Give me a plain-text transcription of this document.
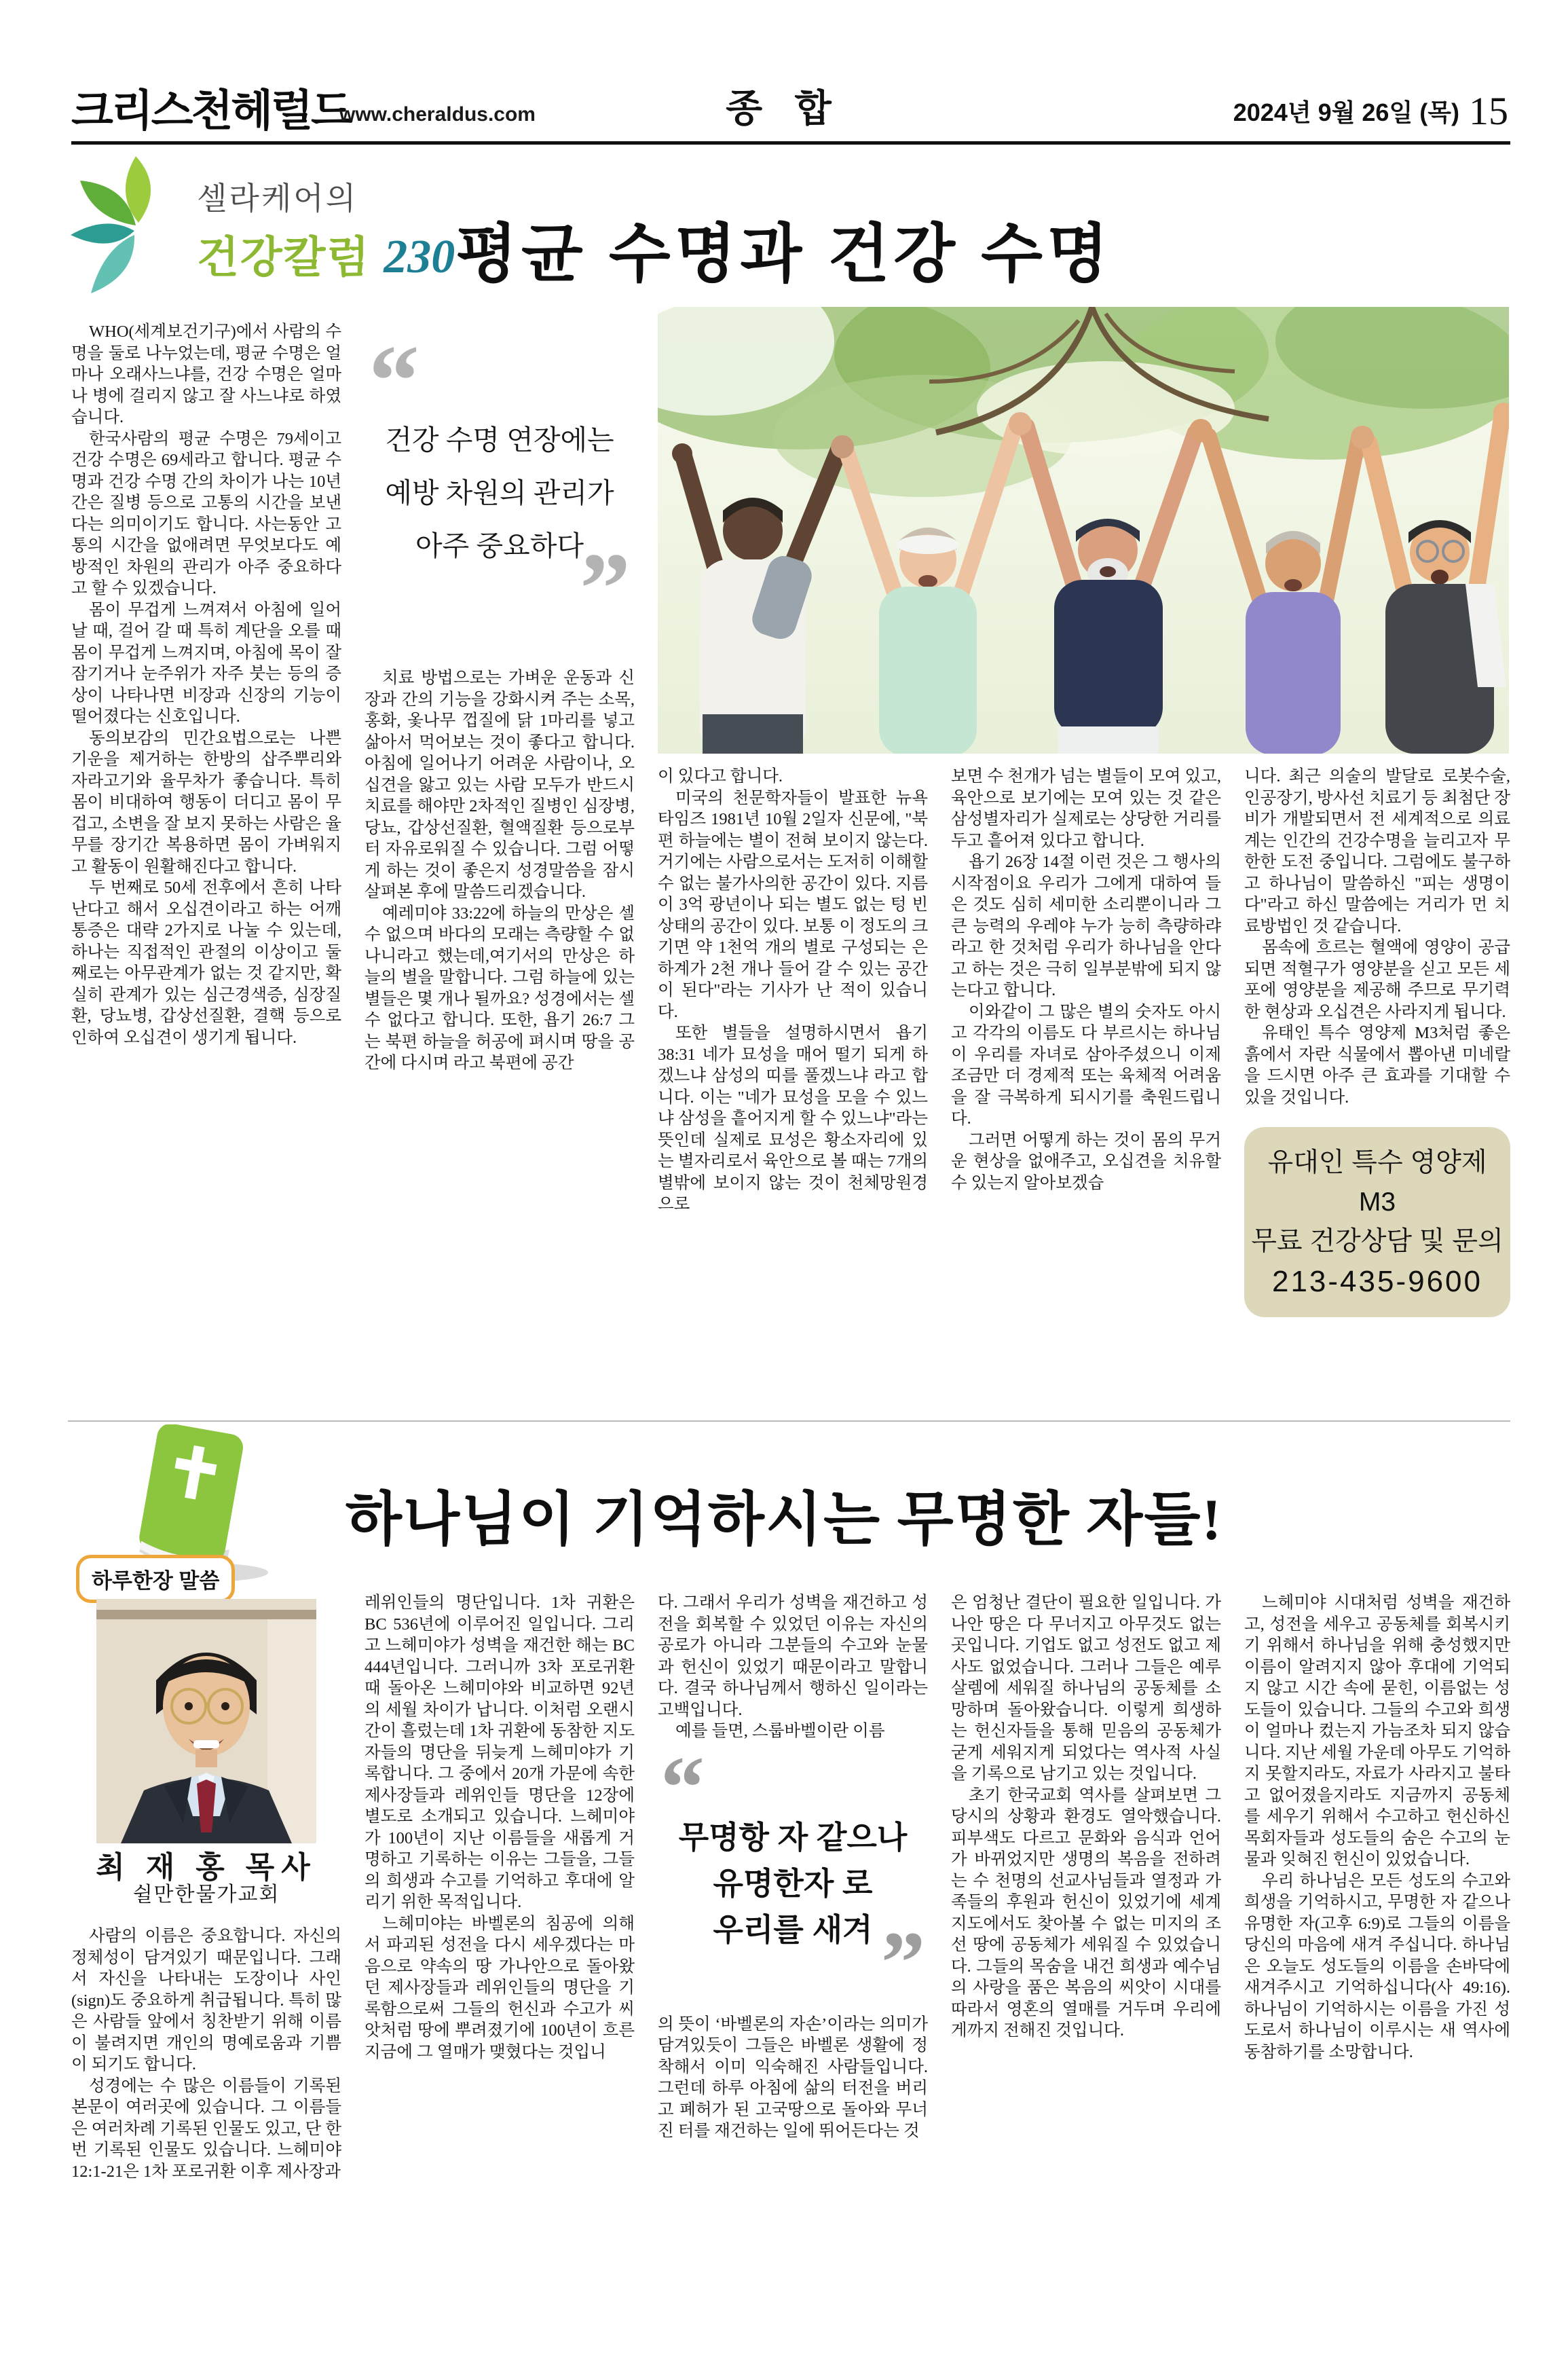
크리스천헤럴드
www.cheraldus.com	종 합	2024년 9월 26일 (목) 15
셀라케어의
건강칼럼 230 평균 수명과 건강 수명

WHO(세계보건기구)에서 사람의 수명을 둘로 나누었는데, 평균 수명은 얼마나 오래사느냐를, 건강 수명은 얼마나 병에 걸리지 않고 잘 사느냐로 하였습니다.

한국사람의 평균 수명은 79세이고 건강 수명은 69세라고 합니다. 평균 수명과 건강 수명 간의 차이가 나는 10년간은 질병 등으로 고통의 시간을 보낸다는 의미이기도 합니다. 사는동안 고통의 시간을 없애려면 무엇보다도 예방적인 차원의 관리가 아주 중요하다고 할 수 있겠습니다.

몸이 무겁게 느껴져서 아침에 일어날 때, 걸어 갈 때 특히 계단을 오를 때 몸이 무겁게 느껴지며, 아침에 목이 잘 잠기거나 눈주위가 자주 붓는 등의 증상이 나타나면 비장과 신장의 기능이 떨어졌다는 신호입니다.

동의보감의 민간요법으로는 나쁜 기운을 제거하는 한방의 삽주뿌리와 자라고기와 율무차가 좋습니다. 특히 몸이 비대하여 행동이 더디고 몸이 무겁고, 소변을 잘 보지 못하는 사람은 율무를 장기간 복용하면 몸이 가벼워지고 활동이 원활해진다고 합니다.

두 번째로 50세 전후에서 흔히 나타난다고 해서 오십견이라고 하는 어깨통증은 대략 2가지로 나눌 수 있는데, 하나는 직접적인 관절의 이상이고 둘째로는 아무관계가 없는 것 같지만, 확실히 관계가 있는 심근경색증, 심장질환, 당뇨병, 갑상선질환, 결핵 등으로 인하여 오십견이 생기게 됩니다.

“
건강 수명 연장에는
예방 차원의 관리가
아주 중요하다
”

치료 방법으로는 가벼운 운동과 신장과 간의 기능을 강화시켜 주는 소목, 홍화, 옻나무 껍질에 닭 1마리를 넣고 삶아서 먹어보는 것이 좋다고 합니다. 아침에 일어나기 어려운 사람이나, 오십견을 앓고 있는 사람 모두가 반드시 치료를 해야만 2차적인 질병인 심장병, 당뇨, 갑상선질환, 혈액질환 등으로부터 자유로워질 수 있습니다. 그럼 어떻게 하는 것이 좋은지 성경말씀을 잠시 살펴본 후에 말씀드리겠습니다.

예레미야 33:22에 하늘의 만상은 셀 수 없으며 바다의 모래는 측량할 수 없나니라고 했는데,여기서의 만상은 하늘의 별을 말합니다. 그럼 하늘에 있는 별들은 몇 개나 될까요? 성경에서는 셀 수 없다고 합니다. 또한, 욥기 26:7 그는 북편 하늘을 허공에 펴시며 땅을 공간에 다시며 라고 북편에 공간

이 있다고 합니다.

미국의 천문학자들이 발표한 뉴욕타임즈 1981년 10월 2일자 신문에, "북편 하늘에는 별이 전혀 보이지 않는다. 거기에는 사람으로서는 도저히 이해할 수 없는 불가사의한 공간이 있다. 지름이 3억 광년이나 되는 별도 없는 텅 빈 상태의 공간이 있다. 보통 이 정도의 크기면 약 1천억 개의 별로 구성되는 은하계가 2천 개나 들어 갈 수 있는 공간이 된다"라는 기사가 난 적이 있습니다.

또한 별들을 설명하시면서 욥기 38:31 네가 묘성을 매어 떨기 되게 하겠느냐 삼성의 띠를 풀겠느냐 라고 합니다. 이는 "네가 묘성을 모을 수 있느냐 삼성을 흩어지게 할 수 있느냐"라는 뜻인데 실제로 묘성은 황소자리에 있는 별자리로서 육안으로 볼 때는 7개의 별밖에 보이지 않는 것이 천체망원경으로

보면 수 천개가 넘는 별들이 모여 있고, 육안으로 보기에는 모여 있는 것 같은 삼성별자리가 실제로는 상당한 거리를 두고 흩어져 있다고 합니다.

욥기 26장 14절 이런 것은 그 행사의 시작점이요 우리가 그에게 대하여 들은 것도 심히 세미한 소리뿐이니라 그 큰 능력의 우레야 누가 능히 측량하랴 라고 한 것처럼 우리가 하나님을 안다고 하는 것은 극히 일부분밖에 되지 않는다고 합니다.

이와같이 그 많은 별의 숫자도 아시고 각각의 이름도 다 부르시는 하나님이 우리를 자녀로 삼아주셨으니 이제 조금만 더 경제적 또는 육체적 어려움을 잘 극복하게 되시기를 축원드립니다.

그러면 어떻게 하는 것이 몸의 무거운 현상을 없애주고, 오십견을 치유할 수 있는지 알아보겠습

니다. 최근 의술의 발달로 로봇수술, 인공장기, 방사선 치료기 등 최첨단 장비가 개발되면서 전 세계적으로 의료계는 인간의 건강수명을 늘리고자 무한한 도전 중입니다. 그럼에도 불구하고 하나님이 말씀하신 "피는 생명이다"라고 하신 말씀에는 거리가 먼 치료방법인 것 같습니다.

몸속에 흐르는 혈액에 영양이 공급되면 적혈구가 영양분을 싣고 모든 세포에 영양분을 제공해 주므로 무기력한 현상과 오십견은 사라지게 됩니다.

유태인 특수 영양제 M3처럼 좋은 흙에서 자란 식물에서 뽑아낸 미네랄을 드시면 아주 큰 효과를 기대할 수 있을 것입니다.

유대인 특수 영양제 M3
무료 건강상담 및 문의
213-435-9600
하루한장 말씀
하나님이 기억하시는 무명한 자들!

최 재 홍 목사

쉴만한물가교회

사람의 이름은 중요합니다. 자신의 정체성이 담겨있기 때문입니다. 그래서 자신을 나타내는 도장이나 사인(sign)도 중요하게 취급됩니다. 특히 많은 사람들 앞에서 칭찬받기 위해 이름이 불려지면 개인의 명예로움과 기쁨이 되기도 합니다.

성경에는 수 많은 이름들이 기록된 본문이 여러곳에 있습니다. 그 이름들은 여러차례 기록된 인물도 있고, 단 한 번 기록된 인물도 있습니다. 느헤미야 12:1-21은 1차 포로귀환 이후 제사장과

레위인들의 명단입니다. 1차 귀환은 BC 536년에 이루어진 일입니다. 그리고 느헤미야가 성벽을 재건한 해는 BC 444년입니다. 그러니까 3차 포로귀환 때 돌아온 느헤미야와 비교하면 92년의 세월 차이가 납니다. 이처럼 오랜시간이 흘렀는데 1차 귀환에 동참한 지도자들의 명단을 뒤늦게 느헤미야가 기록합니다. 그 중에서 20개 가문에 속한 제사장들과 레위인들 명단을 12장에 별도로 소개되고 있습니다. 느헤미야가 100년이 지난 이름들을 새롭게 거명하고 기록하는 이유는 그들을, 그들의 희생과 수고를 기억하고 후대에 알리기 위한 목적입니다.

느헤미야는 바벨론의 침공에 의해서 파괴된 성전을 다시 세우겠다는 마음으로 약속의 땅 가나안으로 돌아왔던 제사장들과 레위인들의 명단을 기록함으로써 그들의 헌신과 수고가 씨앗처럼 땅에 뿌려졌기에 100년이 흐른 지금에 그 열매가 맺혔다는 것입니

다. 그래서 우리가 성벽을 재건하고 성전을 회복할 수 있었던 이유는 자신의 공로가 아니라 그분들의 수고와 눈물과 헌신이 있었기 때문이라고 말합니다. 결국 하나님께서 행하신 일이라는 고백입니다.

예를 들면, 스룹바벨이란 이름

“
무명항 자 같으나
유명한자 로
우리를 새겨 ”

의 뜻이 ‘바벨론의 자손’이라는 의미가 담겨있듯이 그들은 바벨론 생활에 정착해서 이미 익숙해진 사람들입니다. 그런데 하루 아침에 삶의 터전을 버리고 폐허가 된 고국땅으로 돌아와 무너진 터를 재건하는 일에 뛰어든다는 것

은 엄청난 결단이 필요한 일입니다. 가나안 땅은 다 무너지고 아무것도 없는 곳입니다. 기업도 없고 성전도 없고 제사도 없었습니다. 그러나 그들은 예루살렘에 세워질 하나님의 공동체를 소망하며 돌아왔습니다. 이렇게 희생하는 헌신자들을 통해 믿음의 공동체가 굳게 세워지게 되었다는 역사적 사실을 기록으로 남기고 있는 것입니다.

초기 한국교회 역사를 살펴보면 그당시의 상황과 환경도 열악했습니다. 피부색도 다르고 문화와 음식과 언어가 바뀌었지만 생명의 복음을 전하려는 수 천명의 선교사님들과 열정과 가족들의 후원과 헌신이 있었기에 세계 지도에서도 찾아볼 수 없는 미지의 조선 땅에 공동체가 세워질 수 있었습니다. 그들의 목숨을 내건 희생과 예수님의 사랑을 품은 복음의 씨앗이 시대를 따라서 영혼의 열매를 거두며 우리에게까지 전해진 것입니다.

느헤미야 시대처럼 성벽을 재건하고, 성전을 세우고 공동체를 회복시키기 위해서 하나님을 위해 충성했지만 이름이 알려지지 않아 후대에 기억되지 않고 시간 속에 묻힌, 이름없는 성도들이 있습니다. 그들의 수고와 희생이 얼마나 컸는지 가늠조차 되지 않습니다. 지난 세월 가운데 아무도 기억하지 못할지라도, 자료가 사라지고 불타고 없어졌을지라도 지금까지 공동체를 세우기 위해서 수고하고 헌신하신 목회자들과 성도들의 숨은 수고의 눈물과 잊혀진 헌신이 있었습니다.

우리 하나님은 모든 성도의 수고와 희생을 기억하시고, 무명한 자 같으나 유명한 자(고후 6:9)로 그들의 이름을 당신의 마음에 새겨 주십니다. 하나님은 오늘도 성도들의 이름을 손바닥에 새겨주시고 기억하십니다(사 49:16). 하나님이 기억하시는 이름을 가진 성도로서 하나님이 이루시는 새 역사에 동참하기를 소망합니다.
